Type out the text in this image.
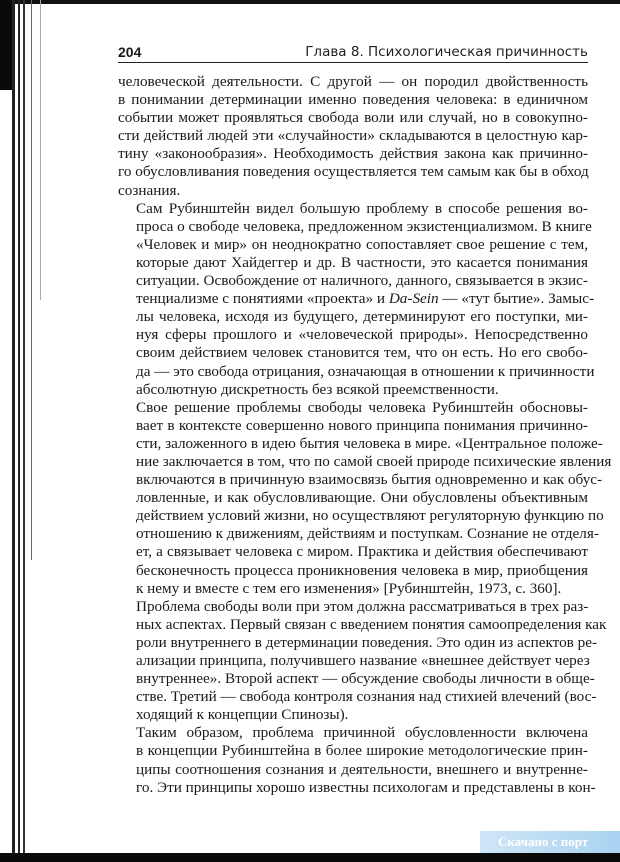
204	Глава 8. Психологическая причинность

человеческой деятельности. С другой — он породил двойственность
в понимании детерминации именно поведения человека: в единичном
событии может проявляться свобода воли или случай, но в совокупно-
сти действий людей эти «случайности» складываются в целостную кар-
тину «законообразия». Необходимость действия закона как причинно-
го обусловливания поведения осуществляется тем самым как бы в обход
сознания.

Сам Рубинштейн видел большую проблему в способе решения во-
проса о свободе человека, предложенном экзистенциализмом. В книге
«Человек и мир» он неоднократно сопоставляет свое решение с тем,
которые дают Хайдеггер и др. В частности, это касается понимания
ситуации. Освобождение от наличного, данного, связывается в экзис-
тенциализме с понятиями «проекта» и Da-Sein — «тут бытие». Замыс-
лы человека, исходя из будущего, детерминируют его поступки, ми-
нуя сферы прошлого и «человеческой природы». Непосредственно
своим действием человек становится тем, что он есть. Но его свобо-
да — это свобода отрицания, означающая в отношении к причинности
абсолютную дискретность без всякой преемственности.

Свое решение проблемы свободы человека Рубинштейн обосновы-
вает в контексте совершенно нового принципа понимания причинно-
сти, заложенного в идею бытия человека в мире. «Центральное положе-
ние заключается в том, что по самой своей природе психические явления
включаются в причинную взаимосвязь бытия одновременно и как обус-
ловленные, и как обусловливающие. Они обусловлены объективным
действием условий жизни, но осуществляют регуляторную функцию по
отношению к движениям, действиям и поступкам. Сознание не отделя-
ет, а связывает человека с миром. Практика и действия обеспечивают
бесконечность процесса проникновения человека в мир, приобщения
к нему и вместе с тем его изменения» [Рубинштейн, 1973, с. 360].

Проблема свободы воли при этом должна рассматриваться в трех раз-
ных аспектах. Первый связан с введением понятия самоопределения как
роли внутреннего в детерминации поведения. Это один из аспектов ре-
ализации принципа, получившего название «внешнее действует через
внутреннее». Второй аспект — обсуждение свободы личности в обще-
стве. Третий — свобода контроля сознания над стихией влечений (вос-
ходящий к концепции Спинозы).

Таким образом, проблема причинной обусловленности включена
в концепции Рубинштейна в более широкие методологические прин-
ципы соотношения сознания и деятельности, внешнего и внутренне-
го. Эти принципы хорошо известны психологам и представлены в кон-

Скачано с порт
